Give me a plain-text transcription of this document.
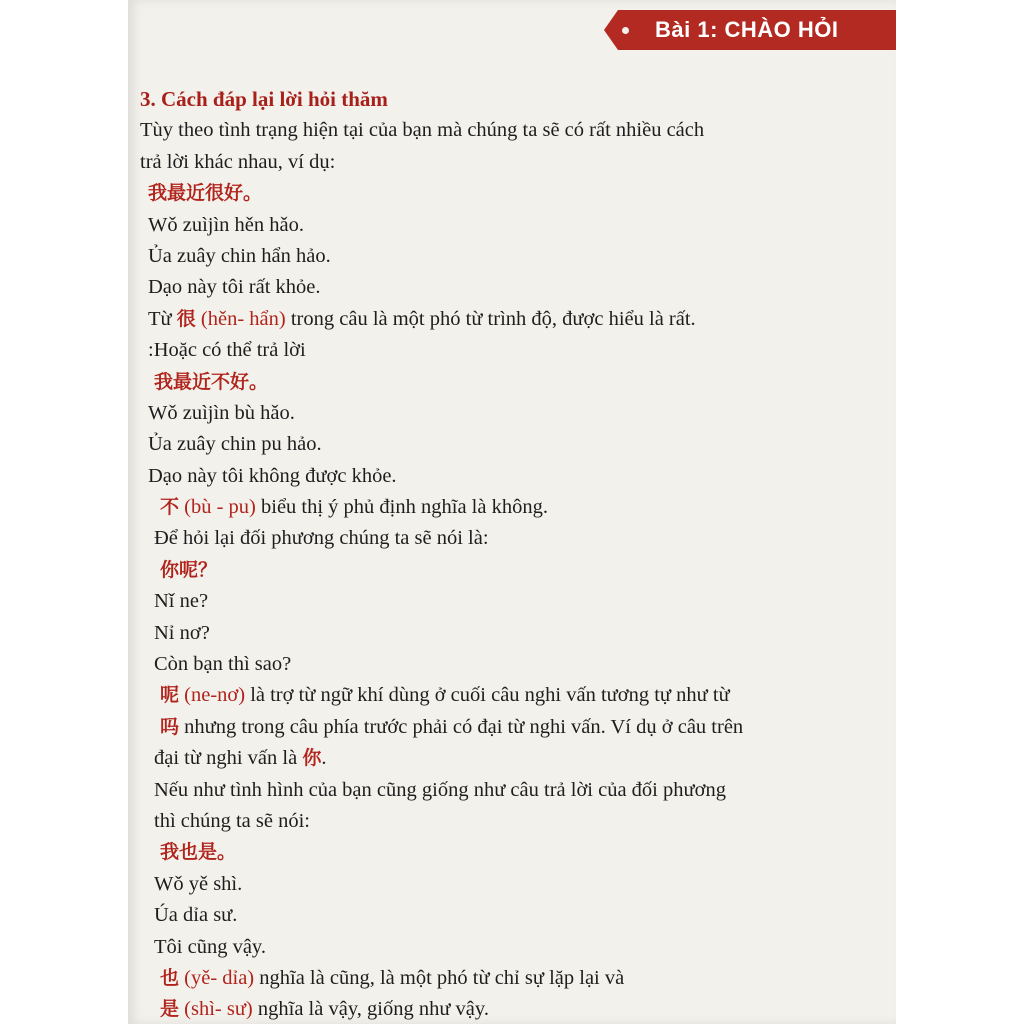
Bài 1: CHÀO HỎI
3. Cách đáp lại lời hỏi thăm
Tùy theo tình trạng hiện tại của bạn mà chúng ta sẽ có rất nhiều cách
trả lời khác nhau, ví dụ:
我最近很好。
Wǒ zuìjìn hěn hǎo.
Ủa zuây chin hẩn hảo.
Dạo này tôi rất khỏe.
Từ 很 (hěn- hẩn) trong câu là một phó từ trình độ, được hiểu là rất.
:Hoặc có thể trả lời
我最近不好。
Wǒ zuìjìn bù hǎo.
Ủa zuây chin pu hảo.
Dạo này tôi không được khỏe.
不 (bù - pu) biểu thị ý phủ định nghĩa là không.
Để hỏi lại đối phương chúng ta sẽ nói là:
你呢？
Nǐ ne?
Nỉ nơ?
Còn bạn thì sao?
呢 (ne-nơ) là trợ từ ngữ khí dùng ở cuối câu nghi vấn tương tự như từ
吗 nhưng trong câu phía trước phải có đại từ nghi vấn. Ví dụ ở câu trên
đại từ nghi vấn là 你.
Nếu như tình hình của bạn cũng giống như câu trả lời của đối phương
thì chúng ta sẽ nói:
我也是。
Wǒ yě shì.
Úa dỉa sư.
Tôi cũng vậy.
也 (yě- dỉa) nghĩa là cũng, là một phó từ chỉ sự lặp lại và
是 (shì- sư) nghĩa là vậy, giống như vậy.
